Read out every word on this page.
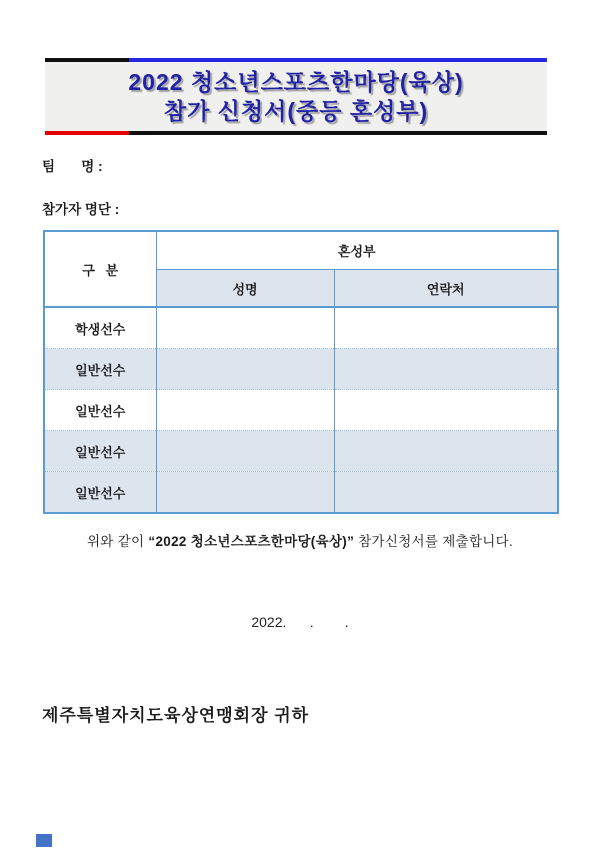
2022 청소년스포츠한마당(육상)
참가 신청서(중등 혼성부)
팀       명 :
참가자 명단 :
구   분	혼성부	
	성명	연락처
학생선수		
일반선수		
일반선수		
일반선수		
일반선수		
위와 같이 “2022 청소년스포츠한마당(육상)” 참가신청서를 제출합니다.
2022.      .        .
제주특별자치도육상연맹회장 귀하
